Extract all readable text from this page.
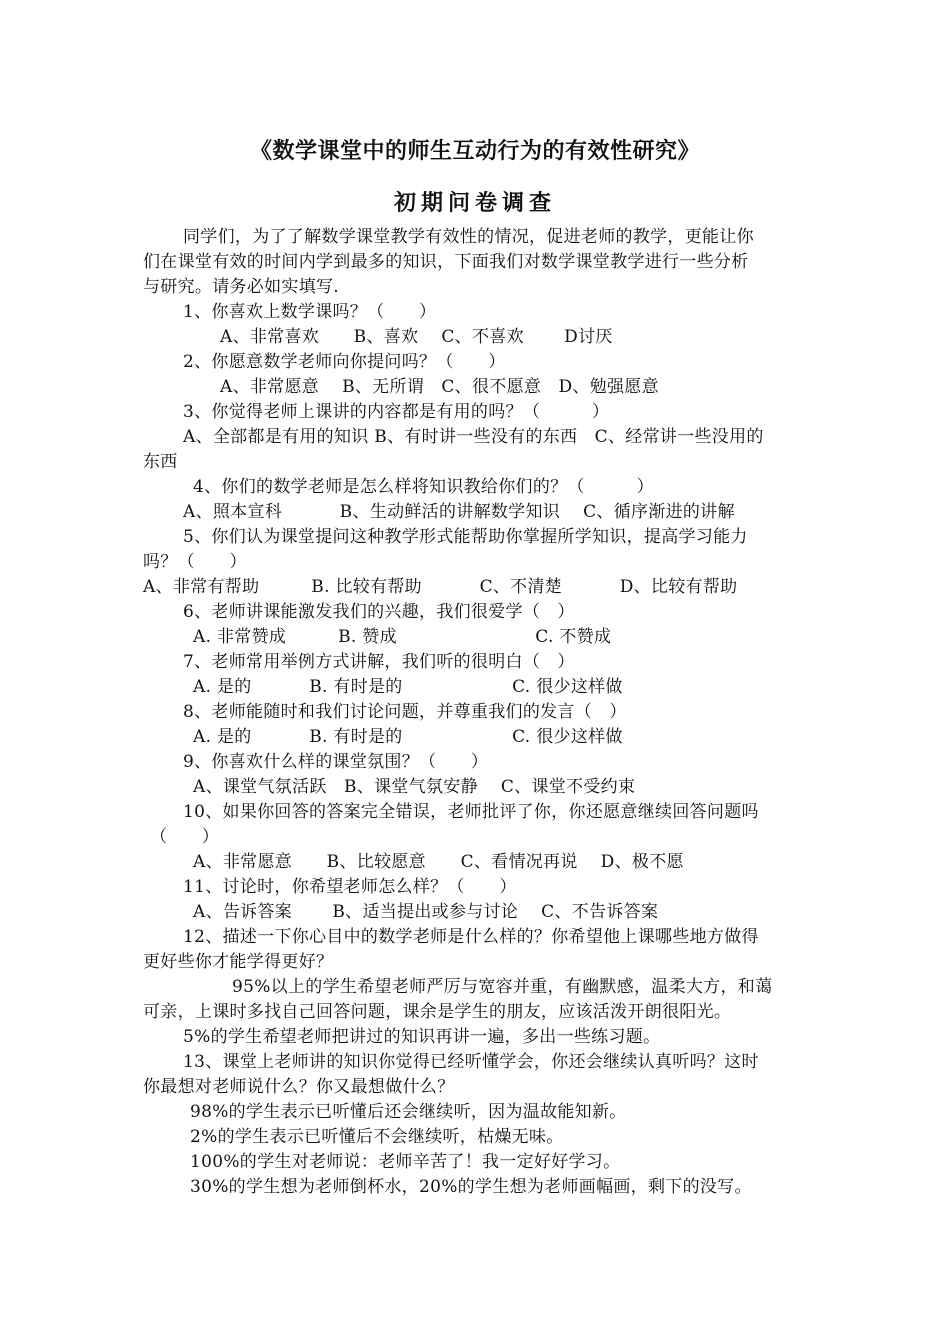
《数学课堂中的师生互动行为的有效性研究》
初期问卷调查
同学们，为了了解数学课堂教学有效性的情况，促进老师的教学，更能让你
们在课堂有效的时间内学到最多的知识，下面我们对数学课堂教学进行一些分析
与研究。请务必如实填写.
1、你喜欢上数学课吗？（　　）
A、非常喜欢　　B、喜欢　 C、不喜欢　　 D讨厌
2、你愿意数学老师向你提问吗？（　　）
A、非常愿意　 B、无所谓　C、很不愿意　D、勉强愿意
3、你觉得老师上课讲的内容都是有用的吗？（　　　）
A、全部都是有用的知识 B、有时讲一些没有的东西　C、经常讲一些没用的
东西
4、你们的数学老师是怎么样将知识教给你们的？（　　　）
A、照本宣科　　　 B、生动鲜活的讲解数学知识　 C、循序渐进的讲解
5、你们认为课堂提问这种教学形式能帮助你掌握所学知识，提高学习能力
吗？（　　）
A、非常有帮助　　　B. 比较有帮助　　　 C、不清楚　　　 D、比较有帮助
6、老师讲课能激发我们的兴趣，我们很爱学（　）
A. 非常赞成　　　B. 赞成　　　　　　　　C. 不赞成
7、老师常用举例方式讲解，我们听的很明白（　）
A. 是的　　　 B. 有时是的　　　　　　 C. 很少这样做
8、老师能随时和我们讨论问题，并尊重我们的发言（　）
A. 是的　　　 B. 有时是的　　　　　　 C. 很少这样做
9、你喜欢什么样的课堂氛围？（　　）
A、课堂气氛活跃　B、课堂气氛安静　 C、课堂不受约束
10、如果你回答的答案完全错误，老师批评了你，你还愿意继续回答问题吗
（　　）
A、非常愿意　　B、比较愿意　　C、看情况再说　 D、极不愿
11、讨论时，你希望老师怎么样？（　　）
A、告诉答案　　 B、适当提出或参与讨论　 C、不告诉答案
12、描述一下你心目中的数学老师是什么样的？你希望他上课哪些地方做得
更好些你才能学得更好？
95%以上的学生希望老师严厉与宽容并重，有幽默感，温柔大方，和蔼
可亲，上课时多找自己回答问题，课余是学生的朋友，应该活泼开朗很阳光。
5%的学生希望老师把讲过的知识再讲一遍，多出一些练习题。
13、课堂上老师讲的知识你觉得已经听懂学会，你还会继续认真听吗？这时
你最想对老师说什么？你又最想做什么？
98%的学生表示已听懂后还会继续听，因为温故能知新。
2%的学生表示已听懂后不会继续听，枯燥无味。
100%的学生对老师说：老师辛苦了！我一定好好学习。
30%的学生想为老师倒杯水，20%的学生想为老师画幅画，剩下的没写。
